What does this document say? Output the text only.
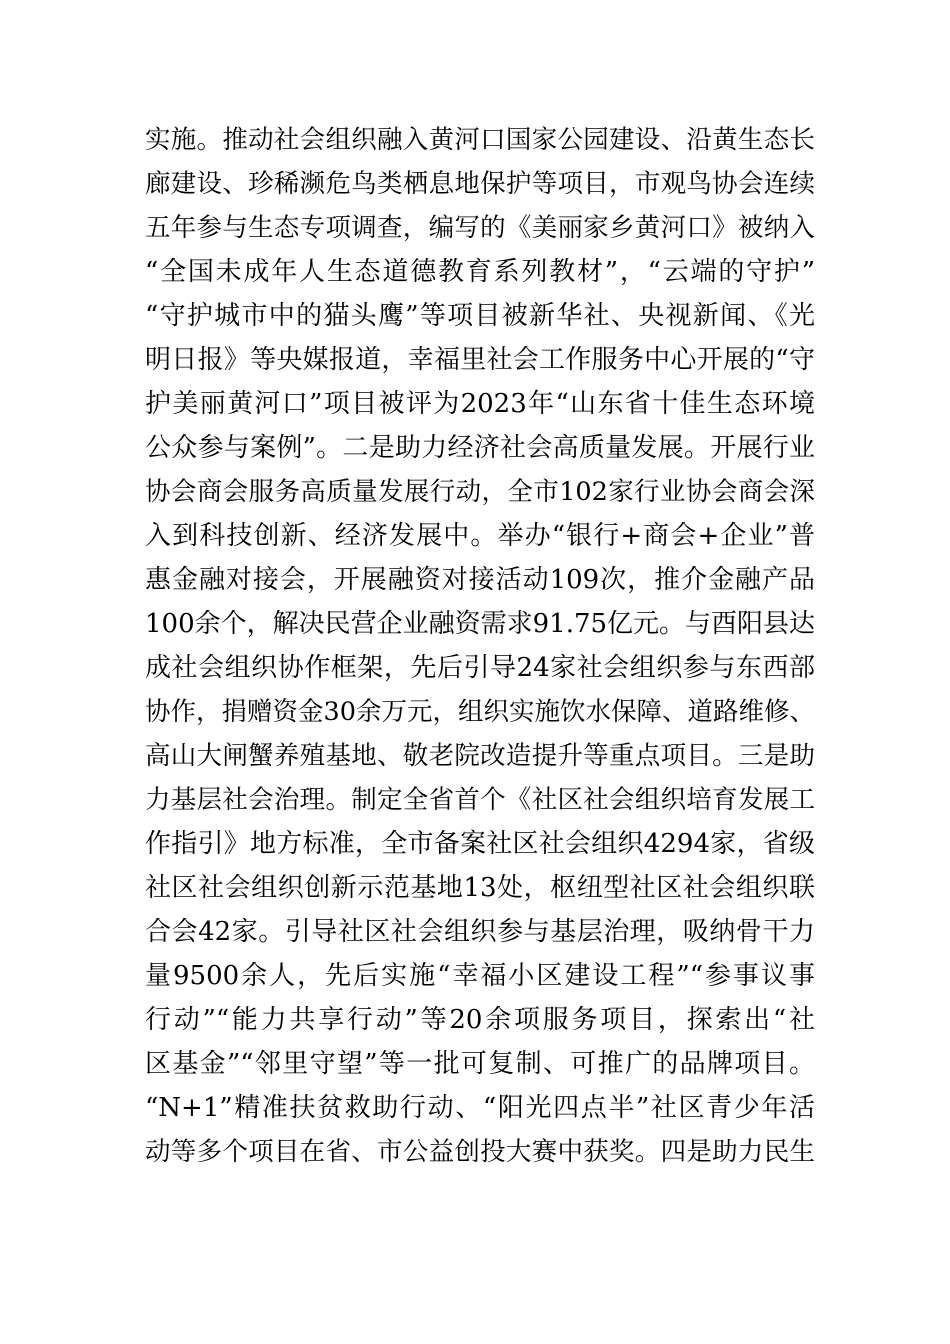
实施。推动社会组织融入黄河口国家公园建设、沿黄生态长
廊建设、珍稀濒危鸟类栖息地保护等项目，市观鸟协会连续
五年参与生态专项调查，编写的《美丽家乡黄河口》被纳入
“全国未成年人生态道德教育系列教材”，“云端的守护”
“守护城市中的猫头鹰”等项目被新华社、央视新闻、《光
明日报》等央媒报道，幸福里社会工作服务中心开展的“守
护美丽黄河口”项目被评为2023年“山东省十佳生态环境
公众参与案例”。二是助力经济社会高质量发展。开展行业
协会商会服务高质量发展行动，全市102家行业协会商会深
入到科技创新、经济发展中。举办“银行+商会+企业”普
惠金融对接会，开展融资对接活动109次，推介金融产品
100余个，解决民营企业融资需求91.75亿元。与酉阳县达
成社会组织协作框架，先后引导24家社会组织参与东西部
协作，捐赠资金30余万元，组织实施饮水保障、道路维修、
高山大闸蟹养殖基地、敬老院改造提升等重点项目。三是助
力基层社会治理。制定全省首个《社区社会组织培育发展工
作指引》地方标准，全市备案社区社会组织4294家，省级
社区社会组织创新示范基地13处，枢纽型社区社会组织联
合会42家。引导社区社会组织参与基层治理，吸纳骨干力
量9500余人，先后实施“幸福小区建设工程”“参事议事
行动”“能力共享行动”等20余项服务项目，探索出“社
区基金”“邻里守望”等一批可复制、可推广的品牌项目。
“N+1”精准扶贫救助行动、“阳光四点半”社区青少年活
动等多个项目在省、市公益创投大赛中获奖。四是助力民生
